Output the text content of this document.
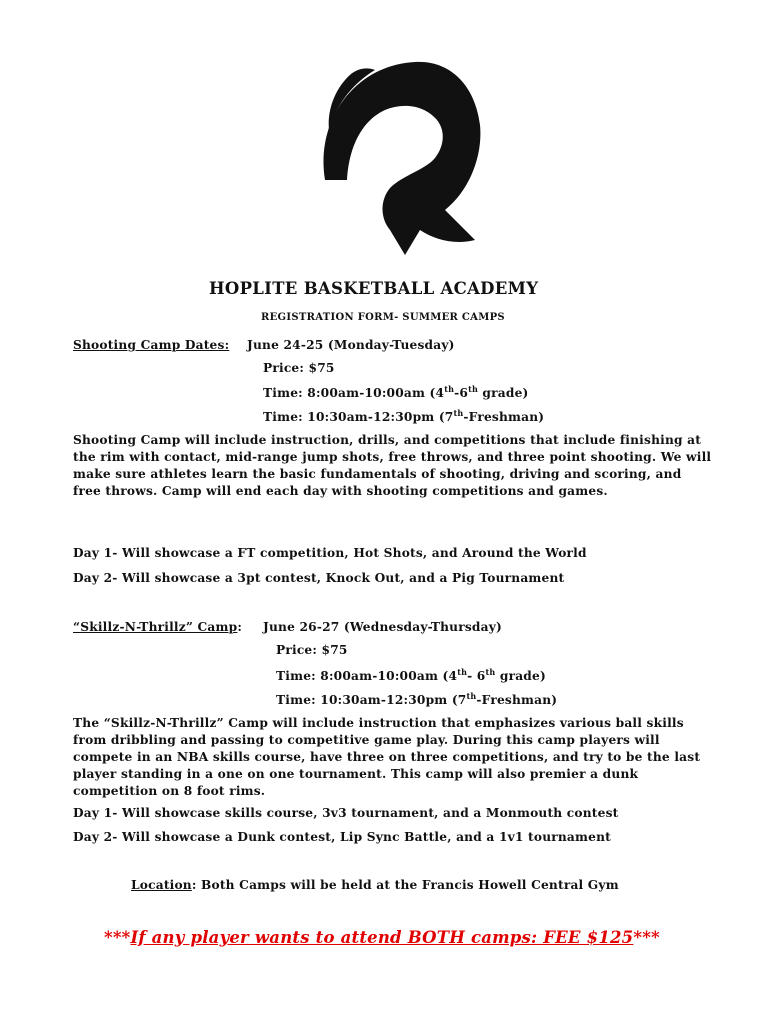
HOPLITE BASKETBALL ACADEMY
REGISTRATION FORM- SUMMER CAMPS
Shooting Camp Dates: June 24-25 (Monday-Tuesday)
Price: $75
Time: 8:00am-10:00am (4th-6th grade)
Time: 10:30am-12:30pm (7th-Freshman)
Shooting Camp will include instruction, drills, and competitions that include finishing at the rim with contact, mid-range jump shots, free throws, and three point shooting. We will make sure athletes learn the basic fundamentals of shooting, driving and scoring, and free throws. Camp will end each day with shooting competitions and games.
Day 1- Will showcase a FT competition, Hot Shots, and Around the World
Day 2- Will showcase a 3pt contest, Knock Out, and a Pig Tournament
“Skillz-N-Thrillz” Camp: June 26-27 (Wednesday-Thursday)
Price: $75
Time: 8:00am-10:00am (4th- 6th grade)
Time: 10:30am-12:30pm (7th-Freshman)
The “Skillz-N-Thrillz” Camp will include instruction that emphasizes various ball skills from dribbling and passing to competitive game play. During this camp players will compete in an NBA skills course, have three on three competitions, and try to be the last player standing in a one on one tournament. This camp will also premier a dunk competition on 8 foot rims.
Day 1- Will showcase skills course, 3v3 tournament, and a Monmouth contest
Day 2- Will showcase a Dunk contest, Lip Sync Battle, and a 1v1 tournament
Location: Both Camps will be held at the Francis Howell Central Gym
***If any player wants to attend BOTH camps: FEE $125***
